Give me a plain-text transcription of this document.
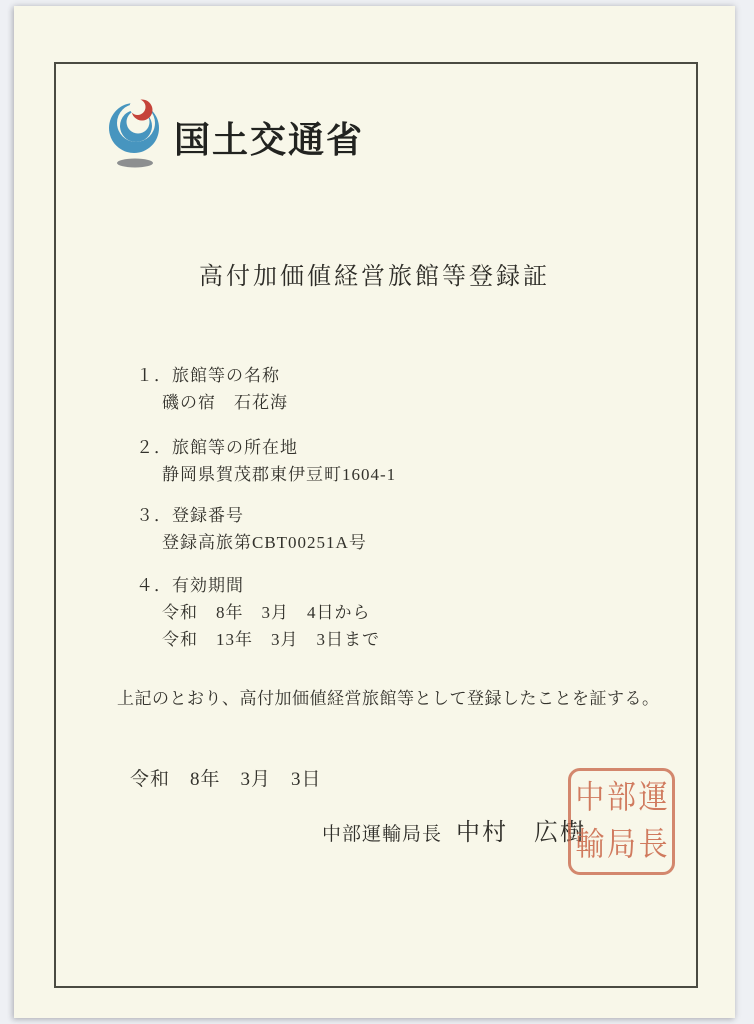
国土交通省
高付加価値経営旅館等登録証
１．旅館等の名称
磯の宿　石花海
２．旅館等の所在地
静岡県賀茂郡東伊豆町1604-1
３．登録番号
登録高旅第CBT00251A号
４．有効期間
令和　8年　3月　4日から
令和　13年　3月　3日まで
上記のとおり、高付加価値経営旅館等として登録したことを証する。
令和　8年　3月　3日
中部運輸局長 中村　広樹
中 部 運
輸 局 長
